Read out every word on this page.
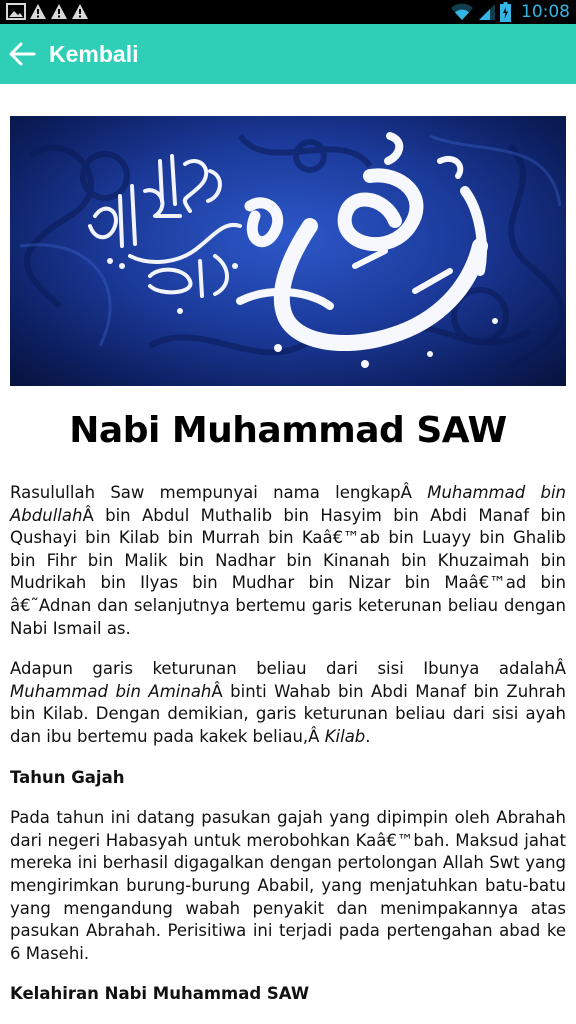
10:08
Kembali
Nabi Muhammad SAW

Rasulullah Saw mempunyai nama lengkapÂ Muhammad bin AbdullahÂ bin Abdul Muthalib bin Hasyim bin Abdi Manaf bin Qushayi bin Kilab bin Murrah bin Kaâ€™ab bin Luayy bin Ghalib bin Fihr bin Malik bin Nadhar bin Kinanah bin Khuzaimah bin Mudrikah bin Ilyas bin Mudhar bin Nizar bin Maâ€™ad bin â€˜Adnan dan selanjutnya bertemu garis keterunan beliau dengan Nabi Ismail as.

Adapun garis keturunan beliau dari sisi Ibunya adalahÂ Muhammad bin AminahÂ binti Wahab bin Abdi Manaf bin Zuhrah bin Kilab. Dengan demikian, garis keturunan beliau dari sisi ayah dan ibu bertemu pada kakek beliau,Â Kilab.

Tahun Gajah

Pada tahun ini datang pasukan gajah yang dipimpin oleh Abrahah dari negeri Habasyah untuk merobohkan Kaâ€™bah. Maksud jahat mereka ini berhasil digagalkan dengan pertolongan Allah Swt yang mengirimkan burung-burung Ababil, yang menjatuhkan batu-batu yang mengandung wabah penyakit dan menimpakannya atas pasukan Abrahah. Perisitiwa ini terjadi pada pertengahan abad ke 6 Masehi.

Kelahiran Nabi Muhammad SAW
